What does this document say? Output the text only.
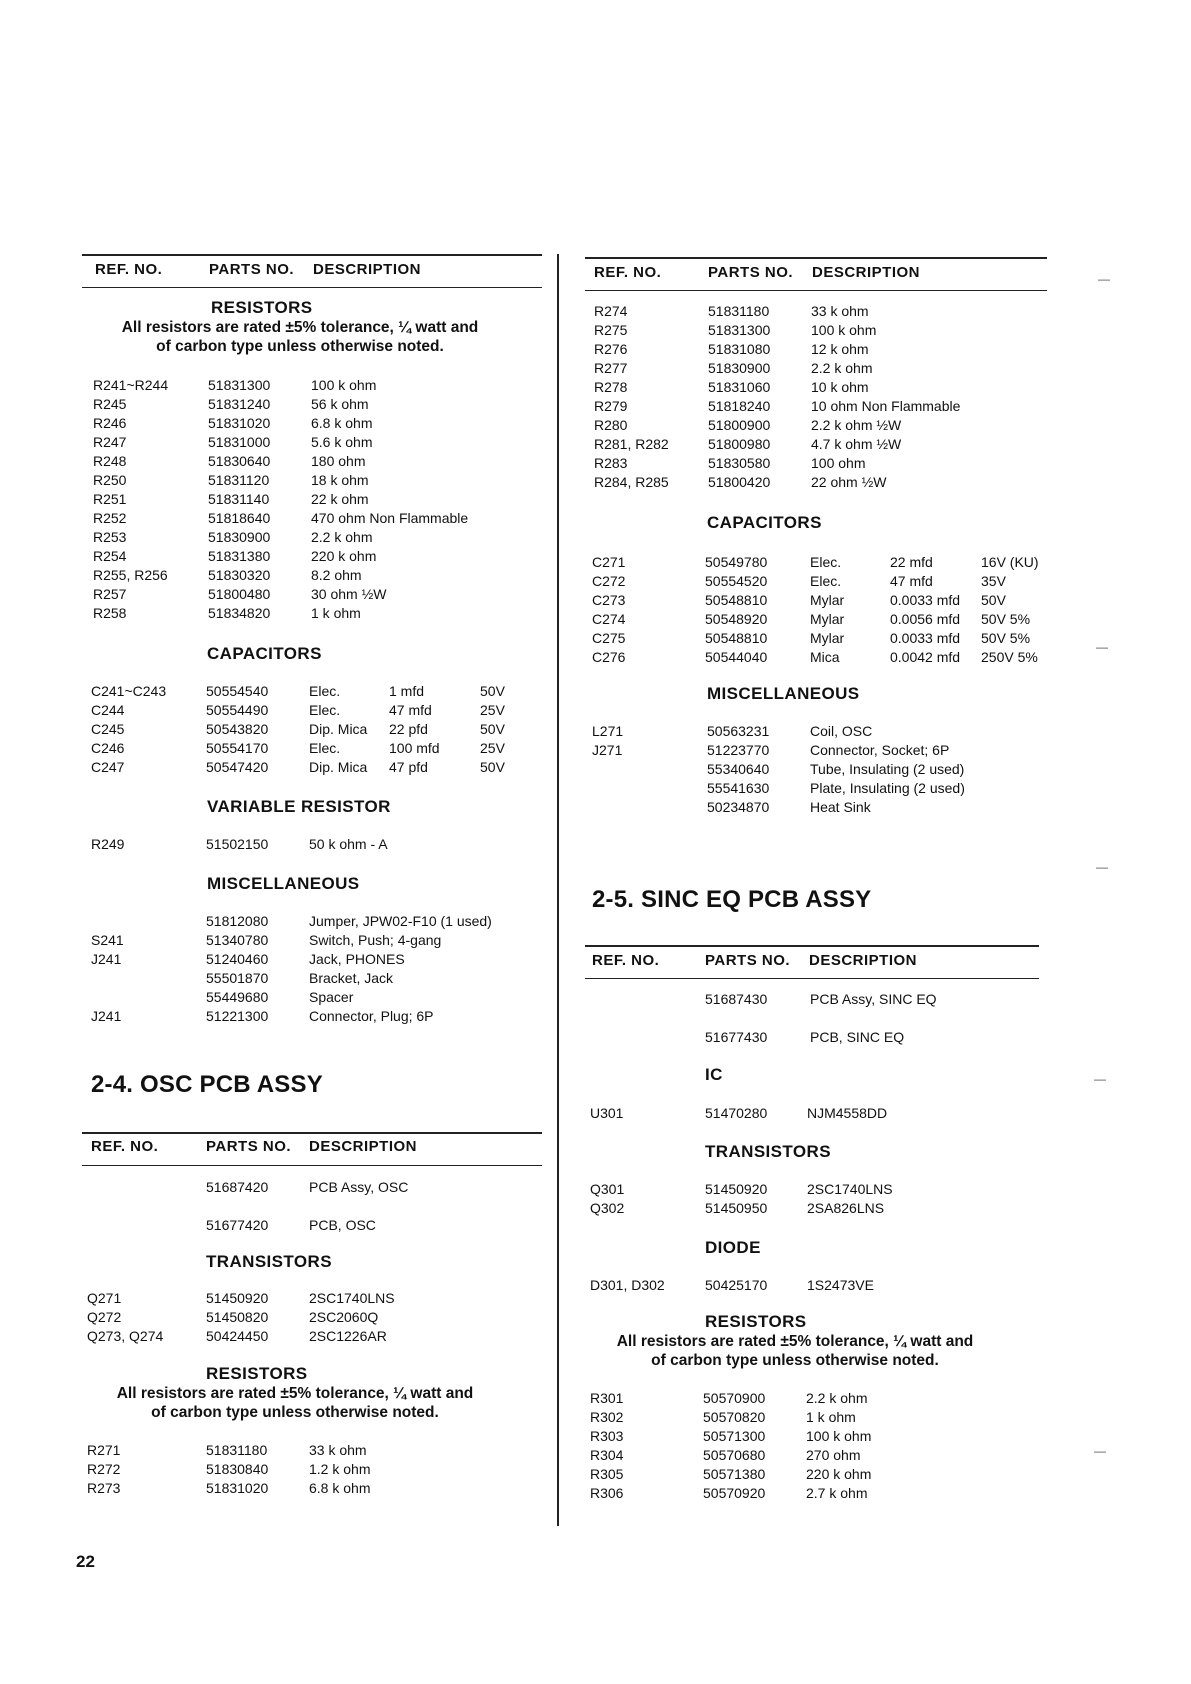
REF. NO.	PARTS NO. DESCRIPTION
RESISTORS
All resistors are rated ±5% tolerance, ¼ watt and
of carbon type unless otherwise noted.
R241~R244	51831300	100 k ohm
R245	51831240	56 k ohm
R246	51831020	6.8 k ohm
R247	51831000	5.6 k ohm
R248	51830640	180 ohm
R250	51831120	18 k ohm
R251	51831140	22 k ohm
R252	51818640	470 ohm Non Flammable
R253	51830900	2.2 k ohm
R254	51831380	220 k ohm
R255, R256	51830320	8.2 ohm
R257	51800480	30 ohm ½W
R258	51834820	1 k ohm
CAPACITORS
C241~C243	50554540	Elec.	1 mfd	50V
C244	50554490	Elec.	47 mfd	25V
C245	50543820	Dip. Mica 22 pfd	50V
C246	50554170	Elec.	100 mfd	25V
C247	50547420	Dip. Mica 47 pfd	50V
VARIABLE RESISTOR
R249	51502150	50 k ohm - A
MISCELLANEOUS
51812080	Jumper, JPW02-F10 (1 used)
S241	51340780	Switch, Push; 4-gang
J241	51240460	Jack, PHONES
55501870	Bracket, Jack
55449680	Spacer
J241	51221300	Connector, Plug; 6P
2-4. OSC PCB ASSY
REF. NO.	PARTS NO. DESCRIPTION
51687420	PCB Assy, OSC
51677420	PCB, OSC
TRANSISTORS
Q271	51450920	2SC1740LNS
Q272	51450820	2SC2060Q
Q273, Q274	50424450	2SC1226AR
RESISTORS
All resistors are rated ±5% tolerance, ¼ watt and
of carbon type unless otherwise noted.
R271	51831180	33 k ohm
R272	51830840	1.2 k ohm
R273	51831020	6.8 k ohm
REF. NO.	PARTS NO. DESCRIPTION
R274	51831180	33 k ohm
R275	51831300	100 k ohm
R276	51831080	12 k ohm
R277	51830900	2.2 k ohm
R278	51831060	10 k ohm
R279	51818240	10 ohm Non Flammable
R280	51800900	2.2 k ohm ½W
R281, R282	51800980	4.7 k ohm ½W
R283	51830580	100 ohm
R284, R285	51800420	22 ohm ½W
CAPACITORS
C271	50549780	Elec.	22 mfd	16V (KU)
C272	50554520	Elec.	47 mfd	35V
C273	50548810	Mylar	0.0033 mfd 50V
C274	50548920	Mylar	0.0056 mfd 50V 5%
C275	50548810	Mylar	0.0033 mfd 50V 5%
C276	50544040	Mica	0.0042 mfd 250V 5%
MISCELLANEOUS
L271	50563231	Coil, OSC
J271	51223770	Connector, Socket; 6P
55340640	Tube, Insulating (2 used)
55541630	Plate, Insulating (2 used)
50234870	Heat Sink
2-5. SINC EQ PCB ASSY
REF. NO.	PARTS NO. DESCRIPTION
51687430	PCB Assy, SINC EQ
51677430	PCB, SINC EQ
IC
U301	51470280	NJM4558DD
TRANSISTORS
Q301	51450920	2SC1740LNS
Q302	51450950	2SA826LNS
DIODE
D301, D302	50425170	1S2473VE
RESISTORS
All resistors are rated ±5% tolerance, ¼ watt and
of carbon type unless otherwise noted.
R301	50570900	2.2 k ohm
R302	50570820	1 k ohm
R303	50571300	100 k ohm
R304	50570680	270 ohm
R305	50571380	220 k ohm
R306	50570920	2.7 k ohm
22
—
—
—
—
—
